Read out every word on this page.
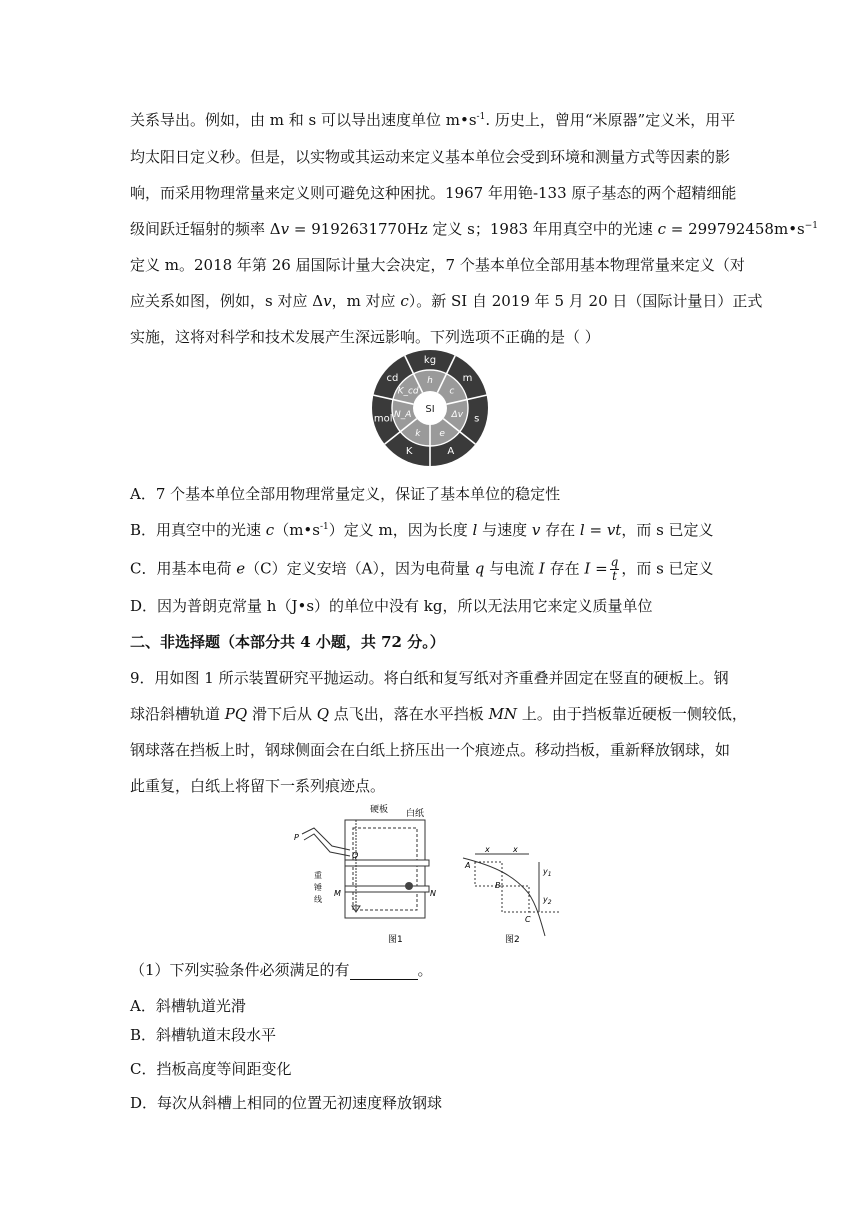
关系导出。例如，由 m 和 s 可以导出速度单位 $m•s^{-1}$. 历史上，曾用“米原器”定义米，用平
均太阳日定义秒。但是，以实物或其运动来定义基本单位会受到环境和测量方式等因素的影
响，而采用物理常量来定义则可避免这种困扰。1967 年用铯-133 原子基态的两个超精细能
级间跃迁辐射的频率 Δv = 9192631770Hz 定义 s；1983 年用真空中的光速 $c = 299792458m•s^{-1}$
定义 m。2018 年第 26 届国际计量大会决定，7 个基本单位全部用基本物理常量来定义（对
应关系如图，例如，s 对应 Δv，m 对应 c）。新 SI 自 2019 年 5 月 20 日（国际计量日）正式
实施，这将对科学和技术发展产生深远影响。下列选项不正确的是（ ）
kg
m
s
A
K
mol
cd	h
c
Δv
e
k
N_A
K_cd
SI
A．7 个基本单位全部用物理常量定义，保证了基本单位的稳定性
B．用真空中的光速 $c(m•s^{-1})$定义 m，因为长度 l 与速度 v 存在 l = vt，而 s 已定义
C．用基本电荷 e（C）定义安培（A），因为电荷量 q 与电流 I 存在 $I = \frac{q}{t}$ ，而 s 已定义
D．因为普朗克常量 h（J•s）的单位中没有 kg，所以无法用它来定义质量单位
二、非选择题（本部分共 4 小题，共 72 分。）
9．用如图 1 所示装置研究平抛运动。将白纸和复写纸对齐重叠并固定在竖直的硬板上。钢
球沿斜槽轨道 PQ 滑下后从 Q 点飞出，落在水平挡板 MN 上。由于挡板靠近硬板一侧较低，
钢球落在挡板上时，钢球侧面会在白纸上挤压出一个痕迹点。移动挡板，重新释放钢球，如
此重复，白纸上将留下一系列痕迹点。
硬板 白纸
P
Q
重
锤
线
M	N
图1
A
B
C
x	x
$y_1$
$y_2$
图2
（1）下列实验条件必须满足的有	。
A．斜槽轨道光滑
B．斜槽轨道末段水平
C．挡板高度等间距变化
D．每次从斜槽上相同的位置无初速度释放钢球
